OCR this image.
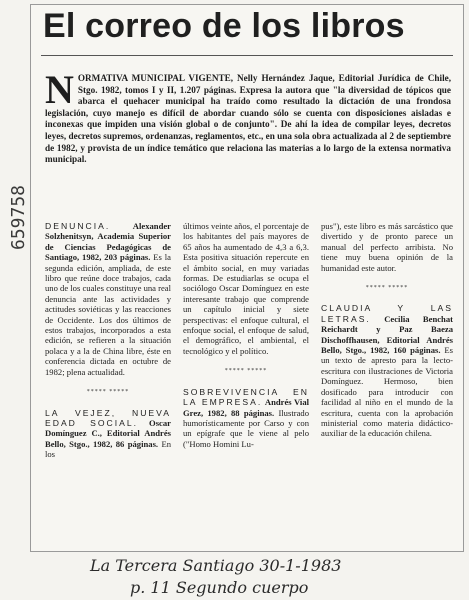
El correo de los libros
NORMATIVA MUNICIPAL VIGENTE, Nelly Hernández Jaque, Editorial Jurídica de Chile, Stgo. 1982, tomos I y II, 1.207 páginas. Expresa la autora que "la diversidad de tópicos que abarca el quehacer municipal ha traído como resultado la dictación de una frondosa legislación, cuyo manejo es difícil de abordar cuando sólo se cuenta con disposiciones aisladas e inconexas que impiden una visión global o de conjunto". De ahí la idea de compilar leyes, decretos leyes, decretos supremos, ordenanzas, reglamentos, etc., en una sola obra actualizada al 2 de septiembre de 1982, y provista de un índice temático que relaciona las materias a lo largo de la extensa normativa municipal.

DENUNCIA.	Alexander Solzhenitsyn, Academia Superior de Ciencias Pedagógicas de Santiago, 1982, 203 páginas. Es la segunda edición, ampliada, de este libro que reúne doce trabajos, cada uno de los cuales constituye una real denuncia ante las actividades y actitudes soviéticas y las reacciones de Occidente. Los dos últimos de estos trabajos, incorporados a esta edición, se refieren a la situación polaca y a la de China libre, éste en conferencia dictada en octubre de 1982; plena actualidad.

***** *****

LA VEJEZ, NUEVA EDAD SOCIAL. Oscar Domínguez C., Editorial Andrés Bello, Stgo., 1982, 86 páginas. En los

últimos veinte años, el porcentaje de los habitantes del país mayores de 65 años ha aumentado de 4,3 a 6,3. Esta positiva situación repercute en el ámbito social, en muy variadas formas. De estudiarlas se ocupa el sociólogo Oscar Domínguez en este interesante trabajo que comprende un capítulo inicial y siete perspectivas: el enfoque cultural, el enfoque social, el enfoque de salud, el demográfico, el ambiental, el tecnológico y el político.

***** *****

SOBREVIVENCIA EN LA EMPRESA. Andrés Vial Grez, 1982, 88 páginas. Ilustrado humorísticamente por Carso y con un epígrafe que le viene al pelo ("Homo Homini Lu-

pus"), este libro es más sarcástico que divertido y de pronto parece un manual del perfecto arribista. No tiene muy buena opinión de la humanidad este autor.

***** *****

CLAUDIA Y LAS LETRAS. Cecilia Benchat Reichardt y Paz Baeza Dischoffhausen, Editorial Andrés Bello, Stgo., 1982, 160 páginas. Es un texto de apresto para la lecto-escritura con ilustraciones de Victoria Domínguez. Hermoso, bien dosificado para introducir con facilidad al niño en el mundo de la escritura, cuenta con la aprobación ministerial como materia didáctico-auxiliar de la educación chilena.

659758
La Tercera Santiago 30-1-1983
p. 11 Segundo cuerpo
